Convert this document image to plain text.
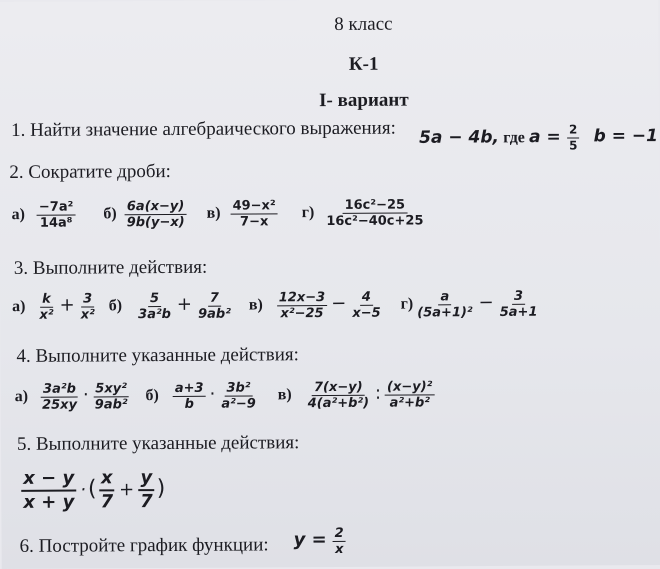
8 класс
К-1
I- вариант
1. Найти значение алгебраического выражения: 5a − 4b, где $a = \frac{2}{5}$ b = −1
2. Сократите дроби:
$а) \frac{\text{−7a²}}{\text{14a⁸}} б) \frac{6a(x-y)}{9b(y-x)} в) \frac{\text{49−x²}}{7-x} г) \frac{\text{16c²−25}}{\text{16c²−40c+25}}$
3. Выполните действия:
$а) \frac{k}{\text{x²}} + \frac{3}{\text{x²}} б) \frac{5}{\text{3a²b}} + \frac{7}{\text{9ab²}} в) \frac{12x-3}{\text{x²−25}} - \frac{4}{x-5} г) \frac{a}{\text{(5a+1)²}} - \frac{3}{5a+1}$
4. Выполните указанные действия:
$а) \frac{\text{3a²b}}{25xy} \cdot \frac{\text{5xy²}}{\text{9ab²}} б) \frac{a+3}{b} \cdot \frac{\text{3b²}}{\text{a²−9}} в) \frac{7(x-y)}{\text{4(a²+b²)}}$ : $\frac{\text{(x−y)²}}{\text{a²+b²}}$
5. Выполните указанные действия:
$\frac{x - y}{x + y}$ ·( $\frac{x}{7} + \frac{y}{7}$ )
6. Постройте график функции: $y = \frac{2}{x}$
